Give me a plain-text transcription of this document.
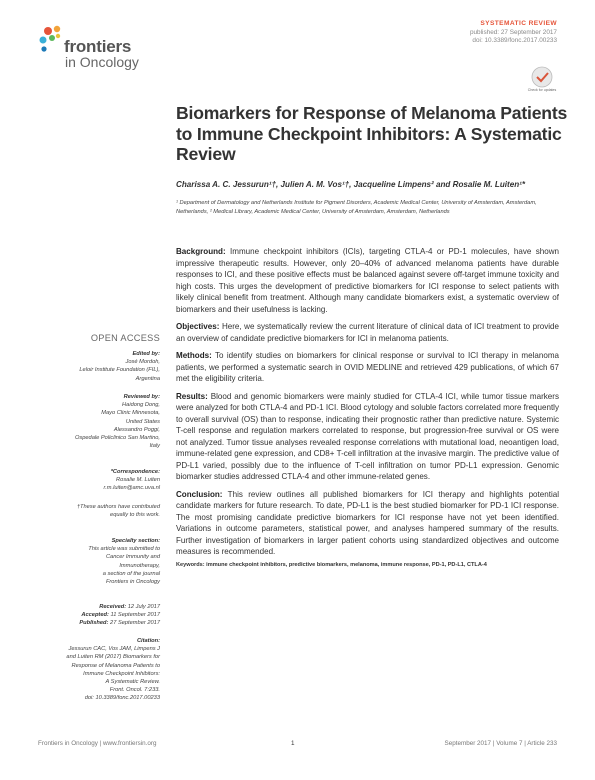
frontiers
in Oncology
SYSTEMATIC REVIEW
published: 27 September 2017
doi: 10.3389/fonc.2017.00233
Check for updates
Biomarkers for Response of Melanoma Patients to Immune Checkpoint Inhibitors: A Systematic Review
Charissa A. C. Jessurun¹†, Julien A. M. Vos¹†, Jacqueline Limpens² and Rosalie M. Luiten¹*
¹ Department of Dermatology and Netherlands Institute for Pigment Disorders, Academic Medical Center, University of Amsterdam, Amsterdam, Netherlands, ² Medical Library, Academic Medical Center, University of Amsterdam, Amsterdam, Netherlands
OPEN ACCESS
Edited by:
José Mordoh,
Leloir Institute Foundation (FIL),
Argentina
Reviewed by:
Haidong Dong,
Mayo Clinic Minnesota,
United States
Alessandro Poggi,
Ospedale Policlinico San Martino,
Italy
*Correspondence:
Rosalie M. Luiten
r.m.luiten@amc.uva.nl
†These authors have contributed
equally to this work.
Specialty section:
This article was submitted to
Cancer Immunity and
Immunotherapy,
a section of the journal
Frontiers in Oncology
Received: 12 July 2017
Accepted: 11 September 2017
Published: 27 September 2017
Citation:
Jessurun CAC, Vos JAM, Limpens J
and Luiten RM (2017) Biomarkers for
Response of Melanoma Patients to
Immune Checkpoint Inhibitors:
A Systematic Review.
Front. Oncol. 7:233.
doi: 10.3389/fonc.2017.00233

Background: Immune checkpoint inhibitors (ICIs), targeting CTLA-4 or PD-1 molecules, have shown impressive therapeutic results. However, only 20–40% of advanced melanoma patients have durable responses to ICI, and these positive effects must be balanced against severe off-target immune toxicity and high costs. This urges the development of predictive biomarkers for ICI response to select patients with likely clinical benefit from treatment. Although many candidate biomarkers exist, a systematic overview of biomarkers and their usefulness is lacking.

Objectives: Here, we systematically review the current literature of clinical data of ICI treatment to provide an overview of candidate predictive biomarkers for ICI in melanoma patients.

Methods: To identify studies on biomarkers for clinical response or survival to ICI therapy in melanoma patients, we performed a systematic search in OVID MEDLINE and retrieved 429 publications, of which 67 met the eligibility criteria.

Results: Blood and genomic biomarkers were mainly studied for CTLA-4 ICI, while tumor tissue markers were analyzed for both CTLA-4 and PD-1 ICI. Blood cytology and soluble factors correlated more frequently to overall survival (OS) than to response, indicating their prognostic rather than predictive nature. Systemic T-cell response and regulation markers correlated to response, but progression-free survival or OS were not analyzed. Tumor tissue analyses revealed response correlations with mutational load, neoantigen load, immune-related gene expression, and CD8+ T-cell infiltration at the invasive margin. The predictive value of PD-L1 varied, possibly due to the influence of T-cell infiltration on tumor PD-L1 expression. Genomic biomarker studies addressed CTLA-4 and other immune-related genes.

Conclusion: This review outlines all published biomarkers for ICI therapy and highlights potential candidate markers for future research. To date, PD-L1 is the best studied biomarker for PD-1 ICI response. The most promising candidate predictive biomarkers for ICI response have not yet been identified. Variations in outcome parameters, statistical power, and analyses hampered summary of the results. Further investigation of biomarkers in larger patient cohorts using standardized objectives and outcome measures is recommended.

Keywords: immune checkpoint inhibitors, predictive biomarkers, melanoma, immune response, PD-1, PD-L1, CTLA-4

Frontiers in Oncology | www.frontiersin.org	1	September 2017 | Volume 7 | Article 233
